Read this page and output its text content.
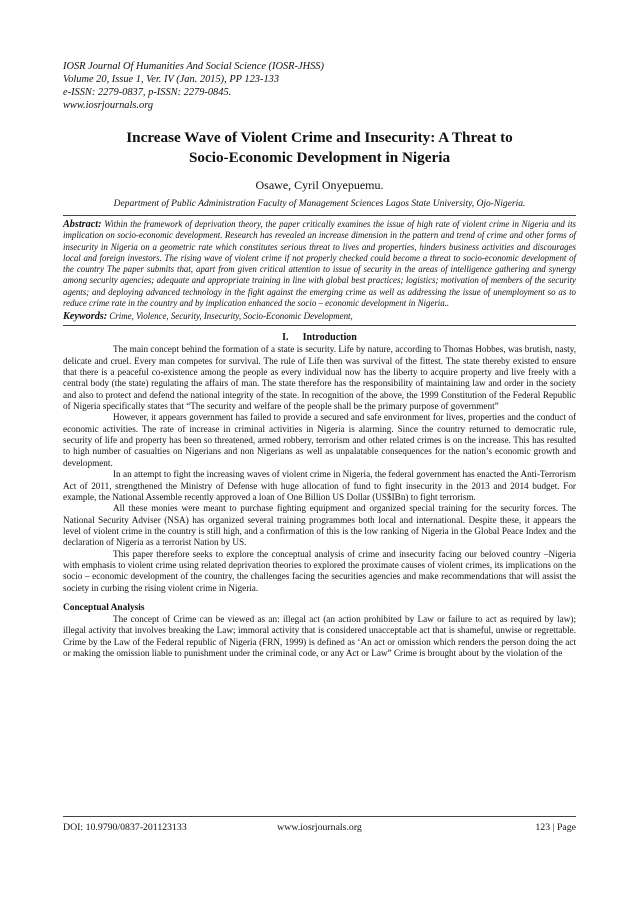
IOSR Journal Of Humanities And Social Science (IOSR-JHSS)
Volume 20, Issue 1, Ver. IV (Jan. 2015), PP 123-133
e-ISSN: 2279-0837, p-ISSN: 2279-0845.
www.iosrjournals.org
Increase Wave of Violent Crime and Insecurity: A Threat to
Socio-Economic Development in Nigeria
Osawe, Cyril Onyepuemu.
Department of Public Administration Faculty of Management Sciences Lagos State University, Ojo-Nigeria.
Abstract: Within the framework of deprivation theory, the paper critically examines the issue of high rate of violent crime in Nigeria and its implication on socio-economic development. Research has revealed an increase dimension in the pattern and trend of crime and other forms of insecurity in Nigeria on a geometric rate which constitutes serious threat to lives and properties, hinders business activities and discourages local and foreign investors. The rising wave of violent crime if not properly checked could become a threat to socio-economic development of the country The paper submits that, apart from given critical attention to issue of security in the areas of intelligence gathering and synergy among security agencies; adequate and appropriate training in line with global best practices; logistics; motivation of members of the security agents; and deploying advanced technology in the fight against the emerging crime as well as addressing the issue of unemployment so as to reduce crime rate in the country and by implication enhanced the socio – economic development in Nigeria..
Keywords: Crime, Violence, Security, Insecurity, Socio-Economic Development,
I. Introduction

The main concept behind the formation of a state is security. Life by nature, according to Thomas Hobbes, was brutish, nasty, delicate and cruel. Every man competes for survival. The rule of Life then was survival of the fittest. The state thereby existed to ensure that there is a peaceful co-existence among the people as every individual now has the liberty to acquire property and live freely with a central body (the state) regulating the affairs of man. The state therefore has the responsibility of maintaining law and order in the society and also to protect and defend the national integrity of the state. In recognition of the above, the 1999 Constitution of the Federal Republic of Nigeria specifically states that “The security and welfare of the people shall be the primary purpose of government”

However, it appears government has failed to provide a secured and safe environment for lives, properties and the conduct of economic activities. The rate of increase in criminal activities in Nigeria is alarming. Since the country returned to democratic rule, security of life and property has been so threatened, armed robbery, terrorism and other related crimes is on the increase. This has resulted to high number of casualties on Nigerians and non Nigerians as well as unpalatable consequences for the nation’s economic growth and development.

In an attempt to fight the increasing waves of violent crime in Nigeria, the federal government has enacted the Anti-Terrorism Act of 2011, strengthened the Ministry of Defense with huge allocation of fund to fight insecurity in the 2013 and 2014 budget. For example, the National Assemble recently approved a loan of One Billion US Dollar (US$IBn) to fight terrorism.

All these monies were meant to purchase fighting equipment and organized special training for the security forces. The National Security Adviser (NSA) has organized several training programmes both local and international. Despite these, it appears the level of violent crime in the country is still high, and a confirmation of this is the low ranking of Nigeria in the Global Peace Index and the declaration of Nigeria as a terrorist Nation by US.

This paper therefore seeks to explore the conceptual analysis of crime and insecurity facing our beloved country –Nigeria with emphasis to violent crime using related deprivation theories to explored the proximate causes of violent crimes, its implications on the socio – economic development of the country, the challenges facing the securities agencies and make recommendations that will assist the society in curbing the rising violent crime in Nigeria.

Conceptual Analysis

The concept of Crime can be viewed as an: illegal act (an action prohibited by Law or failure to act as required by law); illegal activity that involves breaking the Law; immoral activity that is considered unacceptable act that is shameful, unwise or regrettable. Crime by the Law of the Federal republic of Nigeria (FRN, 1999) is defined as ‘An act or omission which renders the person doing the act or making the omission liable to punishment under the criminal code, or any Act or Law” Crime is brought about by the violation of the

DOI: 10.9790/0837-201123133	www.iosrjournals.org	123 | Page
